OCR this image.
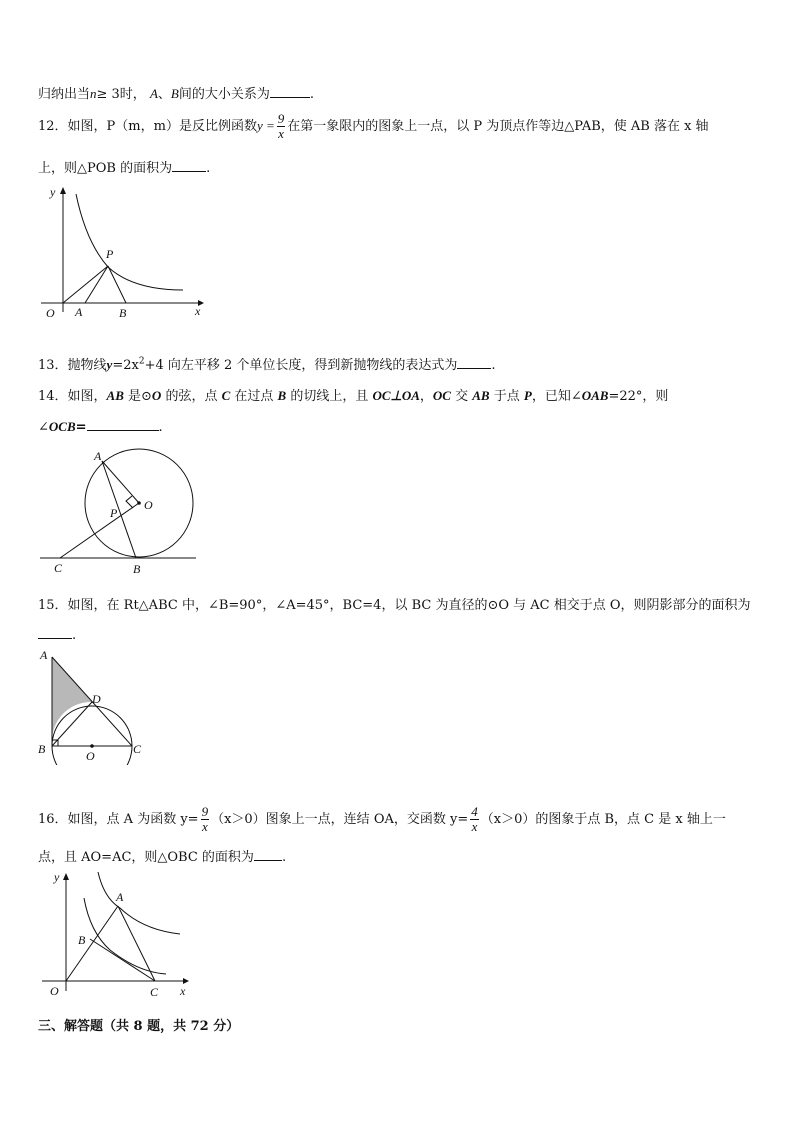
归纳出当n≥ 3时， A、B间的大小关系为	.
12．如图，P（m，m）是反比例函数$y = \frac{9}{x}$ 在第一象限内的图象上一点，以 P 为顶点作等边△PAB，使 AB 落在 x 轴
上，则△POB 的面积为	.
y
x
O A	B
P
13．抛物线$y=2x^2+4$ 向左平移 2 个单位长度，得到新抛物线的表达式为	.
14．如图，AB 是⊙O 的弦，点 C 在过点 B 的切线上，且 OC⊥OA，OC 交 AB 于点 P，已知∠OAB=22°，则
∠OCB=	.
A
O
P
C	B
15．如图，在 Rt△ABC 中，∠B=90°，∠A=45°，BC=4，以 BC 为直径的⊙O 与 AC 相交于点 O，则阴影部分的面积为
.
A
D
B	O	C
16．如图，点 A 为函数 $y= \frac{9}{x} (x>0)$图象上一点，连结 OA，交函数 $y= \frac{4}{x} (x>0)$的图象于点 B，点 C 是 x 轴上一
点，且 AO=AC，则△OBC 的面积为 .
y
x
O
A
B
C
三、解答题（共 8 题，共 72 分）
